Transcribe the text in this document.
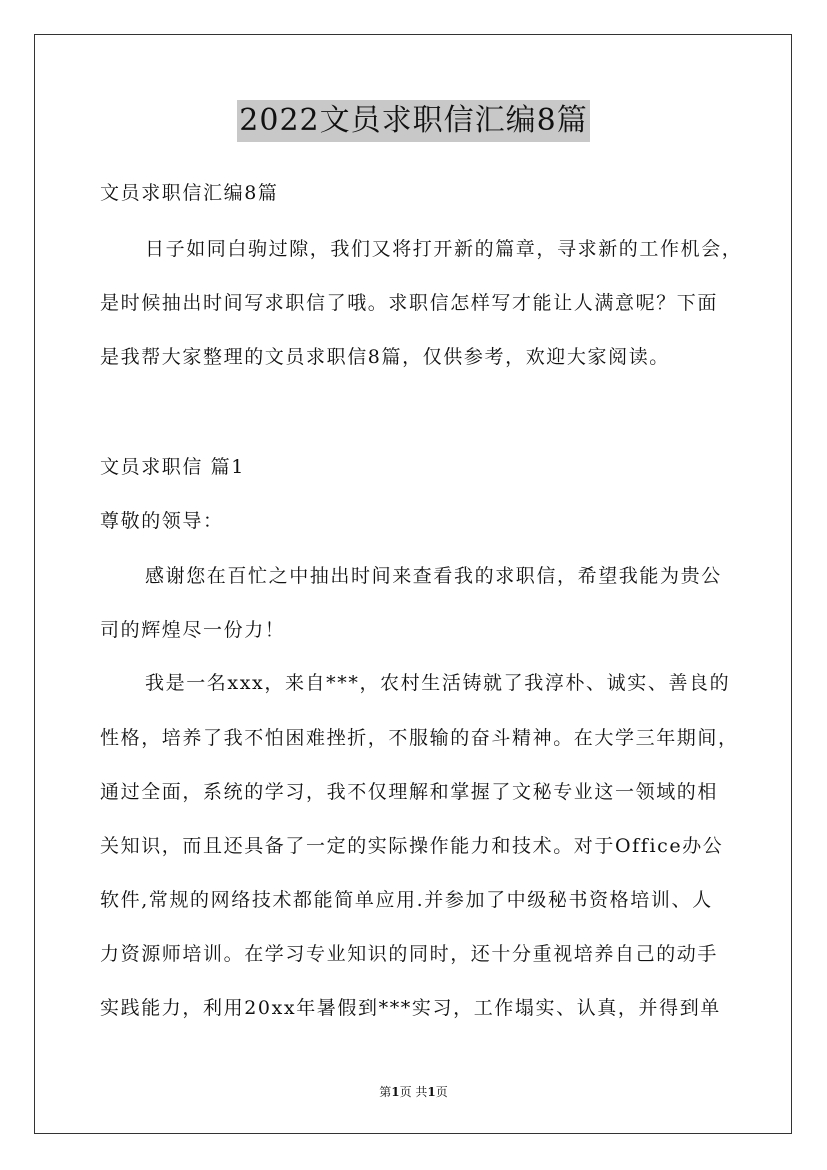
2022文员求职信汇编8篇
文员求职信汇编8篇
日子如同白驹过隙，我们又将打开新的篇章，寻求新的工作机会，
是时候抽出时间写求职信了哦。求职信怎样写才能让人满意呢？下面
是我帮大家整理的文员求职信8篇，仅供参考，欢迎大家阅读。
文员求职信 篇1
尊敬的领导：
感谢您在百忙之中抽出时间来查看我的求职信，希望我能为贵公
司的辉煌尽一份力！
我是一名xxx，来自***，农村生活铸就了我淳朴、诚实、善良的
性格，培养了我不怕困难挫折，不服输的奋斗精神。在大学三年期间，
通过全面，系统的学习，我不仅理解和掌握了文秘专业这一领域的相
关知识，而且还具备了一定的实际操作能力和技术。对于Office办公
软件,常规的网络技术都能简单应用.并参加了中级秘书资格培训、人
力资源师培训。在学习专业知识的同时，还十分重视培养自己的动手
实践能力，利用20xx年暑假到***实习，工作塌实、认真，并得到单
第1页 共1页
